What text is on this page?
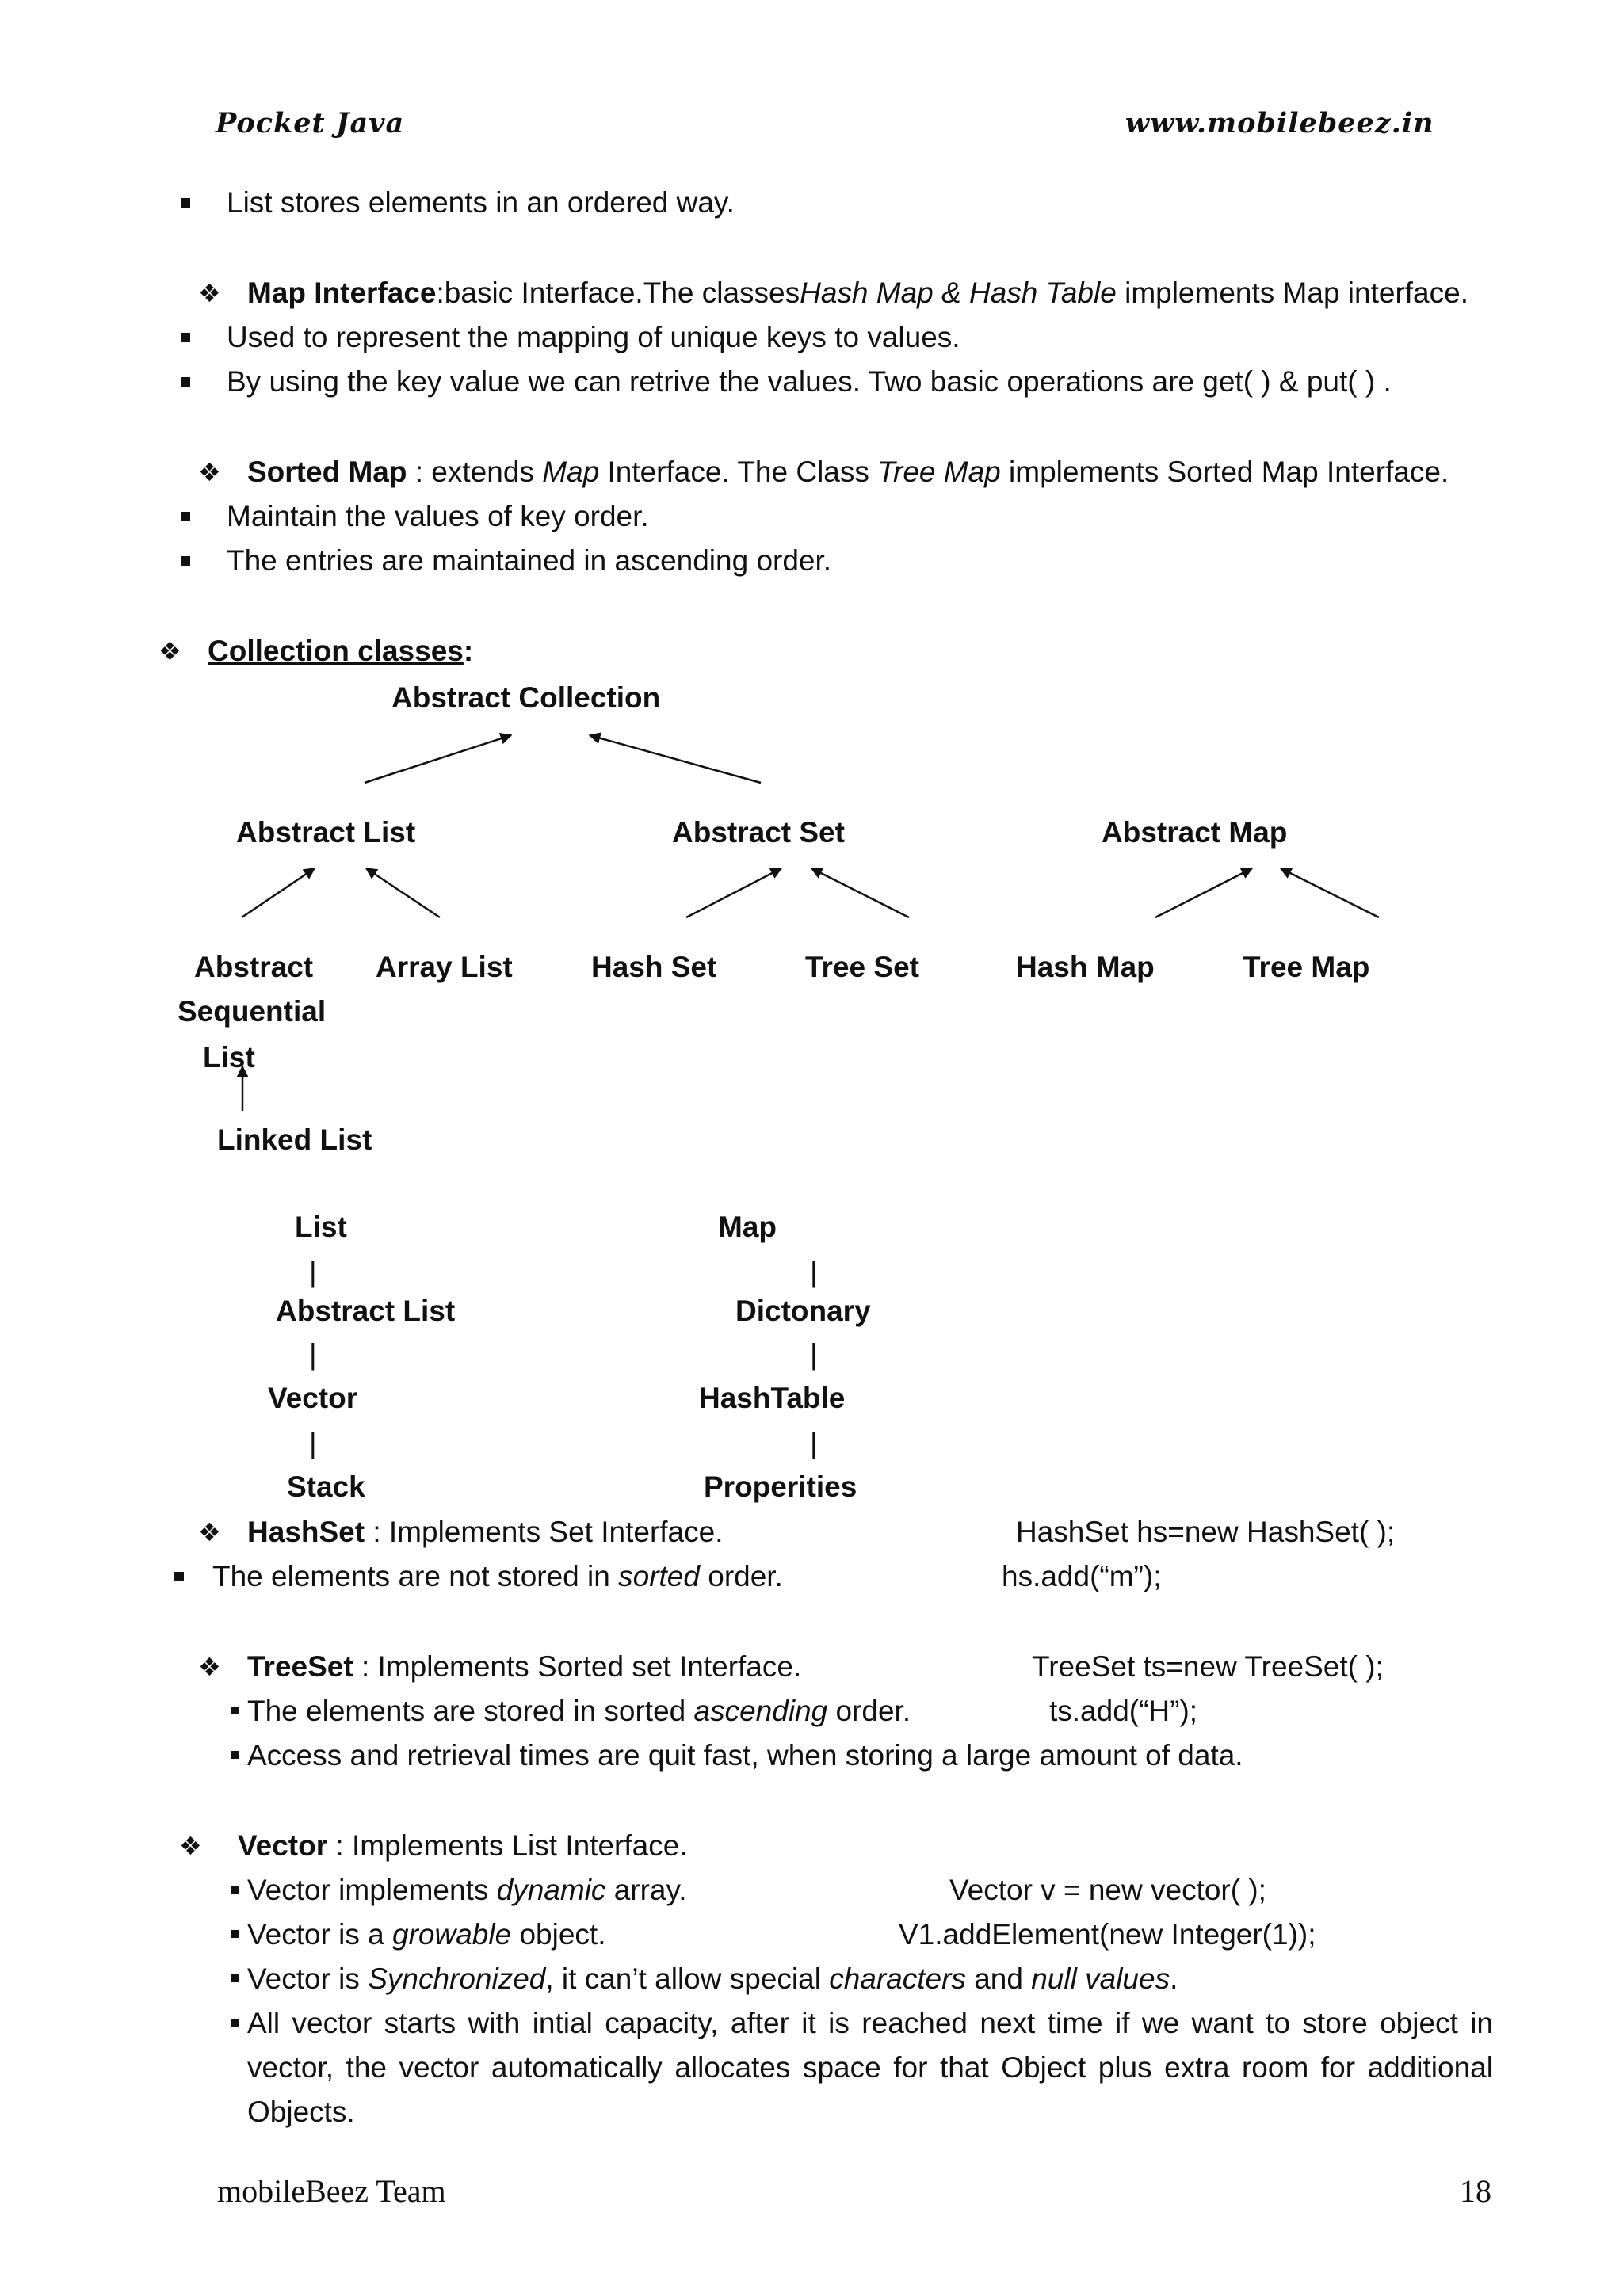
Pocket Java	www.mobilebeez.in
List stores elements in an ordered way.
❖ Map Interface:basic Interface.The classesHash Map & Hash Table implements Map interface.
Used to represent the mapping of unique keys to values.
By using the key value we can retrive the values. Two basic operations are get( ) & put( ) .
❖ Sorted Map : extends Map Interface. The Class Tree Map implements Sorted Map Interface.
Maintain the values of key order.
The entries are maintained in ascending order.
❖ Collection classes:
Abstract Collection
Abstract List	Abstract Set	Abstract Map
Abstract
Sequential
List
Array List	Hash Set	Tree Set	Hash Map	Tree Map
Linked List
List
|
Abstract List
|
Vector
|
Stack
Map
|
Dictonary
|
HashTable
|
Properities
❖ HashSet : Implements Set Interface.	HashSet hs=new HashSet( );
The elements are not stored in sorted order.	hs.add(“m”);
❖ TreeSet : Implements Sorted set Interface.	TreeSet ts=new TreeSet( );
The elements are stored in sorted ascending order.	ts.add(“H”);
Access and retrieval times are quit fast, when storing a large amount of data.
❖ Vector : Implements List Interface.
Vector implements dynamic array.	Vector v = new vector( );
Vector is a growable object.	V1.addElement(new Integer(1));
Vector is Synchronized, it can’t allow special characters and null values.
All vector starts with intial capacity, after it is reached next time if we want to store object in
vector, the vector automatically allocates space for that Object plus extra room for additional
Objects.
mobileBeez Team	18
